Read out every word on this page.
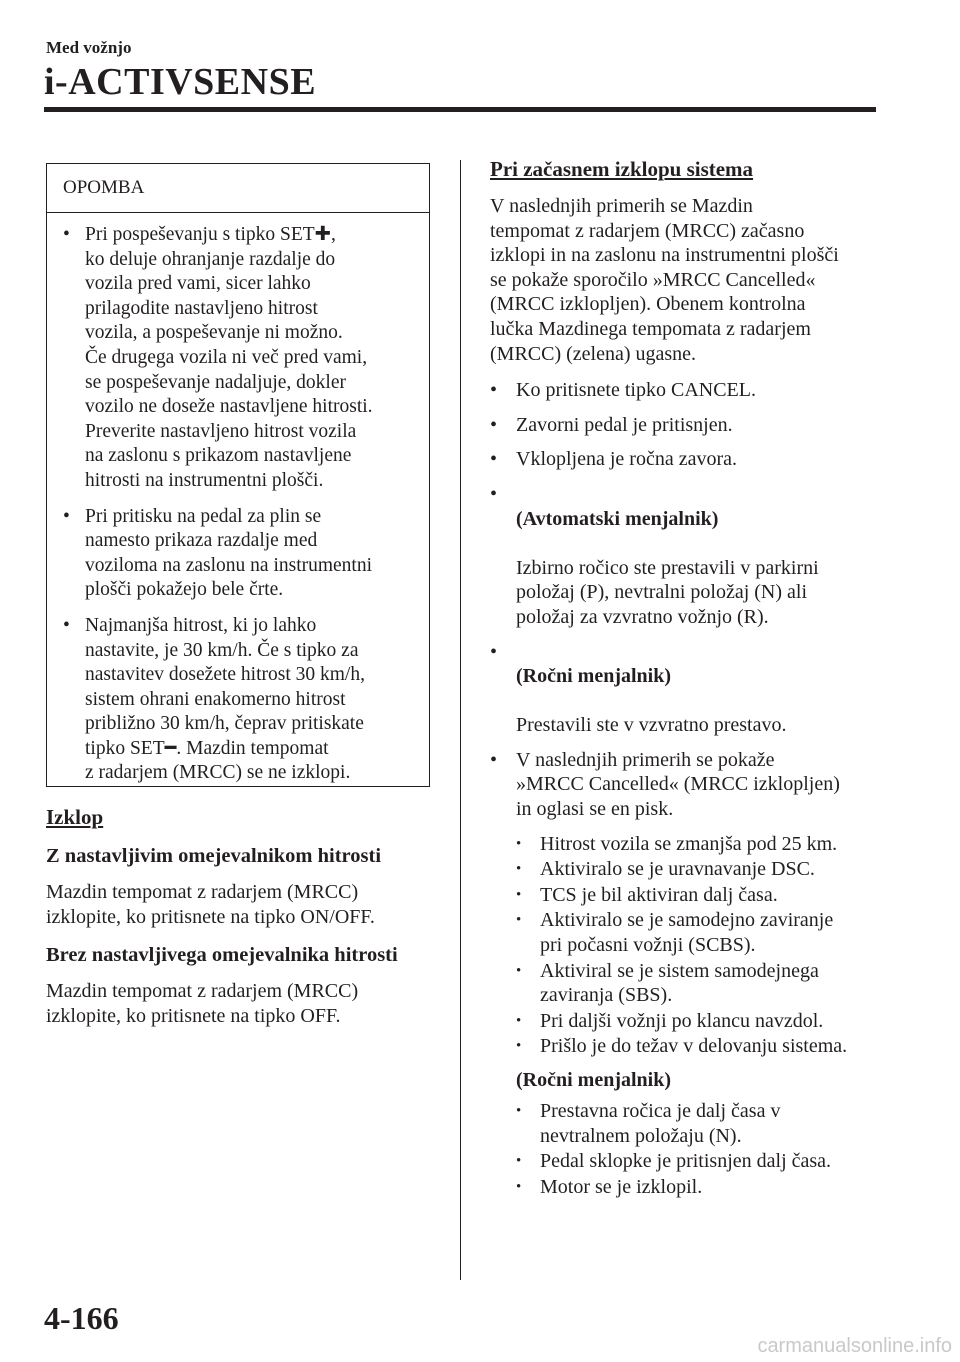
Med vožnjo
i-ACTIVSENSE
OPOMBA
• Pri pospeševanju s tipko SET✚,
ko deluje ohranjanje razdalje do
vozila pred vami, sicer lahko
prilagodite nastavljeno hitrost
vozila, a pospeševanje ni možno.
Če drugega vozila ni več pred vami,
se pospeševanje nadaljuje, dokler
vozilo ne doseže nastavljene hitrosti.
Preverite nastavljeno hitrost vozila
na zaslonu s prikazom nastavljene
hitrosti na instrumentni plošči.
• Pri pritisku na pedal za plin se
namesto prikaza razdalje med
voziloma na zaslonu na instrumentni
plošči pokažejo bele črte.
• Najmanjša hitrost, ki jo lahko
nastavite, je 30 km/h. Če s tipko za
nastavitev dosežete hitrost 30 km/h,
sistem ohrani enakomerno hitrost
približno 30 km/h, čeprav pritiskate
tipko SET━. Mazdin tempomat
z radarjem (MRCC) se ne izklopi.
Izklop
Z nastavljivim omejevalnikom hitrosti
Mazdin tempomat z radarjem (MRCC)
izklopite, ko pritisnete na tipko ON/OFF.
Brez nastavljivega omejevalnika hitrosti
Mazdin tempomat z radarjem (MRCC)
izklopite, ko pritisnete na tipko OFF.
Pri začasnem izklopu sistema
V naslednjih primerih se Mazdin
tempomat z radarjem (MRCC) začasno
izklopi in na zaslonu na instrumentni plošči
se pokaže sporočilo »MRCC Cancelled«
(MRCC izklopljen). Obenem kontrolna
lučka Mazdinega tempomata z radarjem
(MRCC) (zelena) ugasne.
• Ko pritisnete tipko CANCEL.
• Zavorni pedal je pritisnjen.
• Vklopljena je ročna zavora.

• (Avtomatski menjalnik)

Izbirno ročico ste prestavili v parkirni
položaj (P), nevtralni položaj (N) ali
položaj za vzvratno vožnjo (R).

• (Ročni menjalnik)

Prestavili ste v vzvratno prestavo.

• V naslednjih primerih se pokaže
»MRCC Cancelled« (MRCC izklopljen)
in oglasi se en pisk.
• Hitrost vozila se zmanjša pod 25 km.
• Aktiviralo se je uravnavanje DSC.
• TCS je bil aktiviran dalj časa.
• Aktiviralo se je samodejno zaviranje
pri počasni vožnji (SCBS).
• Aktiviral se je sistem samodejnega
zaviranja (SBS).
• Pri daljši vožnji po klancu navzdol.
• Prišlo je do težav v delovanju sistema.
(Ročni menjalnik)
• Prestavna ročica je dalj časa v
nevtralnem položaju (N).
• Pedal sklopke je pritisnjen dalj časa.
• Motor se je izklopil.
4-166
carmanualsonline.info
